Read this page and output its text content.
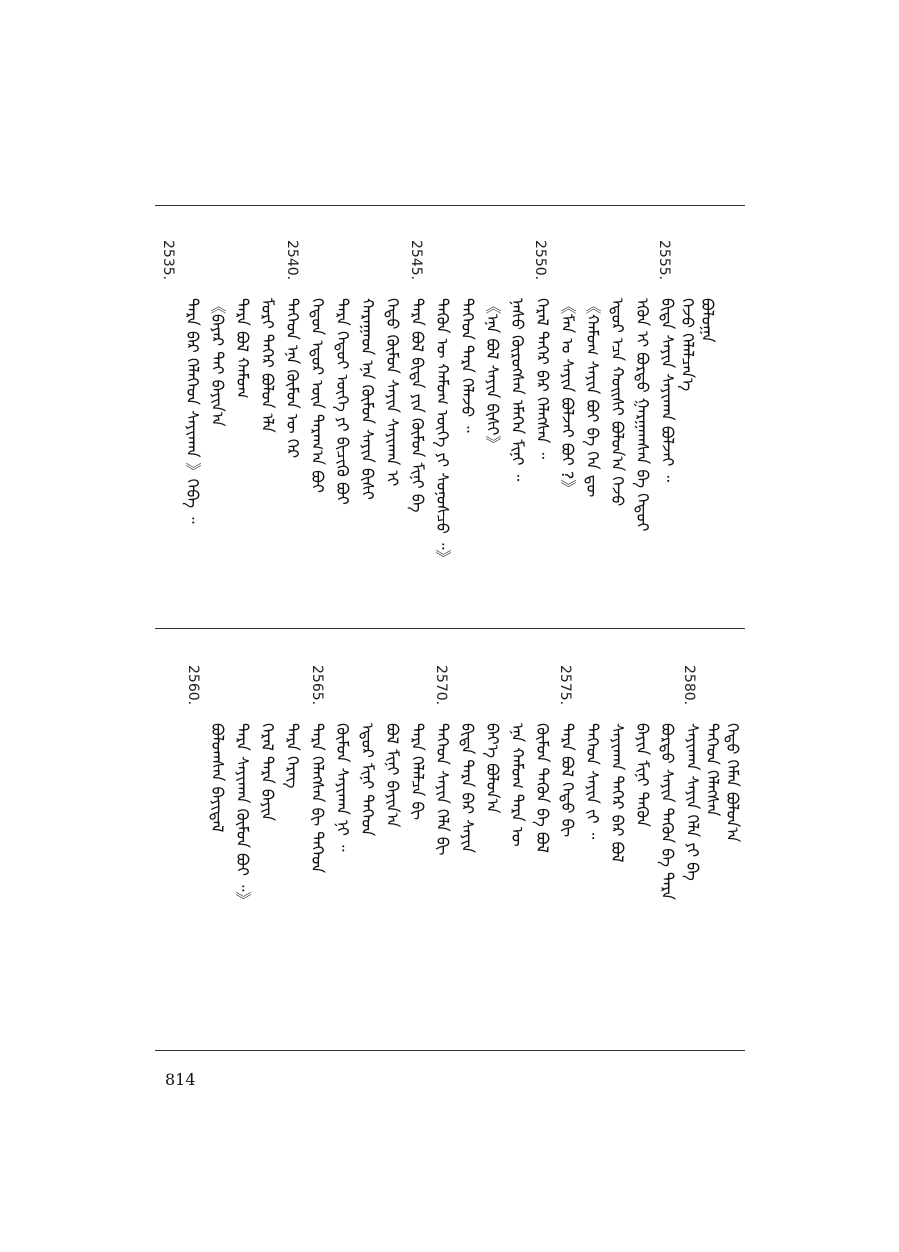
2535.	2540.	2545.	2550.	2555.
ᠲᠡᠷᠡ ᠪᠠᠷ ᠬᠡᠯᠡᠭᠡᠳ ᠰᠠᠶᠢᠬᠠᠨ 》ᠭᠡᠪᠡ ᠃ 《ᠪᠠᠶᠠᠷ ᠲᠠᠢ ᠪᠠᠶᠢᠨ᠎ᠠ ᠲᠡᠷᠡ ᠪᠣᠯ ᠬᠠᠮᠤᠭ ᠮᠣᠷᠢ ᠲᠡᠭᠡᠷ ᠪᠣᠯᠤᠨ ᠡᠯᠡ ᠲᠡᠭᠡᠳ ᠡᠨᠡ ᠬᠦᠮᠦᠨ ᠦ ᠭᠡᠷ ᠬᠡᠳᠦᠨ ᠡᠳᠦᠷ ᠦᠨ ᠳᠠᠷᠠᠭ᠎ᠠ ᠪᠤᠢ ᠲᠡᠷᠡ ᠬᠡᠳᠦᠢ ᠦᠭᠡ ᠶᠢ ᠪᠢᠴᠢᠬᠦ ᠪᠤᠢ ᠬᠠᠷᠠᠭᠠᠳ ᠡᠨᠡ ᠬᠦᠮᠦᠨ ᠰᠠᠶᠢᠨ ᠪᠢᠰᠢ ᠬᠡᠳᠦ ᠬᠦᠮᠦᠨ ᠰᠠᠶᠢᠨ ᠰᠠᠶᠢᠬᠠᠨ ᠢ ᠲᠡᠷᠡ ᠪᠣᠯ ᠪᠢᠳᠡ ᠶᠢᠨ ᠬᠦᠮᠦᠨ ᠮᠢᠨᠢ ᠪᠡ ᠲᠡᠭᠦᠨ ᠦ ᠬᠠᠮᠤᠭ ᠦᠭᠡ ᠶᠢ ᠰᠣᠨᠤᠰᠴᠤ ᠃》 ᠲᠡᠭᠡᠳ ᠲᠡᠷᠡ ᠬᠡᠯᠡᠵᠦ ᠃ 《ᠡᠨᠡ ᠪᠣᠯ ᠰᠠᠶᠢᠨ ᠪᠢᠰᠢ》 ᠨᠠᠰᠤ ᠬᠦᠷᠦᠭᠰᠡᠨ ᠡᠮᠡᠭᠡᠨ ᠮᠢᠨᠢ ᠃ ᠭᠡᠷᠡᠯ ᠲᠡᠭᠡᠷ ᠪᠠᠷ ᠬᠡᠯᠡᠭᠰᠡᠨ ᠃ 《ᠮᠠᠨ ᠤ ᠰᠠᠶᠢᠨ ᠪᠣᠯᠵᠠᠢ ᠪᠤᠢ ?》 《ᠬᠠᠮᠤᠭ ᠰᠠᠶᠢᠨ ᠪᠤᠢ ᠪᠡ ᠬᠡᠨ ᠳᠦ ᠡᠳᠦᠷ ᠡᠴᠡ ᠬᠣᠢᠰᠢ ᠪᠣᠯᠤᠨ᠎ᠠ ᠭᠡᠵᠦ ᠡᠭᠦᠨ ᠢ ᠪᠣᠷᠳᠤ ᠭᠠᠷᠭᠠᠭᠰᠠᠨ ᠪᠡ ᠬᠡᠳᠦᠢ ᠪᠢᠳᠡ ᠰᠠᠶᠢᠨ ᠰᠠᠶᠢᠬᠠᠨ ᠪᠣᠯᠵᠠᠢ ᠃ ᠭᠡᠵᠦ ᠬᠡᠯᠡᠯᠴᠡᠨ᠎ᠡ ᠪᠣᠯᠤᠭᠠ
2560.	2565.	2570.	2575.	2580.
ᠪᠣᠯᠤᠭᠰᠠᠨ ᠪᠠᠶᠢᠳᠠᠯ ᠲᠡᠷᠡ ᠰᠠᠶᠢᠬᠠᠨ ᠬᠦᠮᠦᠨ ᠪᠤᠢ ᠃》 ᠭᠡᠷᠡᠯ ᠲᠡᠷᠡ ᠪᠠᠶᠢᠨ ᠲᠡᠷᠡ ᠬᠡᠷᠡᠭ ᠲᠡᠷᠡ ᠬᠡᠯᠡᠭᠰᠡᠨ ᠪᠢ ᠲᠡᠭᠡᠳ ᠬᠦᠮᠦᠨ ᠰᠠᠶᠢᠬᠠᠨ ᠨᠢ ᠃ ᠡᠳᠦᠷ ᠮᠢᠨᠢ ᠲᠡᠭᠡᠳ ᠪᠣᠯ ᠮᠢᠨᠢ ᠪᠠᠶᠢᠨ᠎ᠠ ᠲᠡᠷᠡ ᠬᠡᠯᠡᠯᠴᠡ ᠪᠢ ᠲᠡᠭᠡᠳ ᠰᠠᠶᠢᠨ ᠬᠡᠯᠡ ᠪᠢ ᠪᠢᠳᠡ ᠲᠡᠷᠡ ᠪᠠᠷ ᠰᠠᠶᠢᠨ ᠪᠡᠶ᠎ᠡ ᠪᠣᠯᠤᠨ᠎ᠠ ᠡᠨᠡ ᠬᠠᠮᠤᠭ ᠲᠡᠷᠡ ᠦ ᠬᠦᠮᠦᠨ ᠲᠡᠭᠦᠨ ᠪᠡ ᠪᠣᠯ ᠲᠡᠷᠡ ᠪᠣᠯ ᠬᠡᠳᠦ ᠪᠢ ᠲᠡᠭᠡᠳ ᠰᠠᠶᠢᠨ ᠵᠢ ᠃ ᠰᠠᠶᠢᠬᠠᠨ ᠲᠡᠭᠡᠷ ᠪᠠᠷ ᠪᠣᠯ ᠪᠠᠶᠢᠨ ᠮᠢᠨᠢ ᠲᠡᠭᠦᠨ ᠪᠣᠷᠳᠤ ᠰᠠᠶᠢᠨ ᠲᠡᠭᠦᠨ ᠪᠡ ᠲᠡᠷᠡ ᠰᠠᠶᠢᠬᠠᠨ ᠰᠠᠶᠢᠨ ᠬᠡᠯᠡ ᠶᠢ ᠪᠡ ᠲᠡᠭᠡᠳ ᠬᠡᠯᠡᠭᠰᠡᠨ ᠬᠡᠳᠦ ᠬᠡᠮᠡᠨ ᠪᠣᠯᠤᠨ᠎ᠠ
814
